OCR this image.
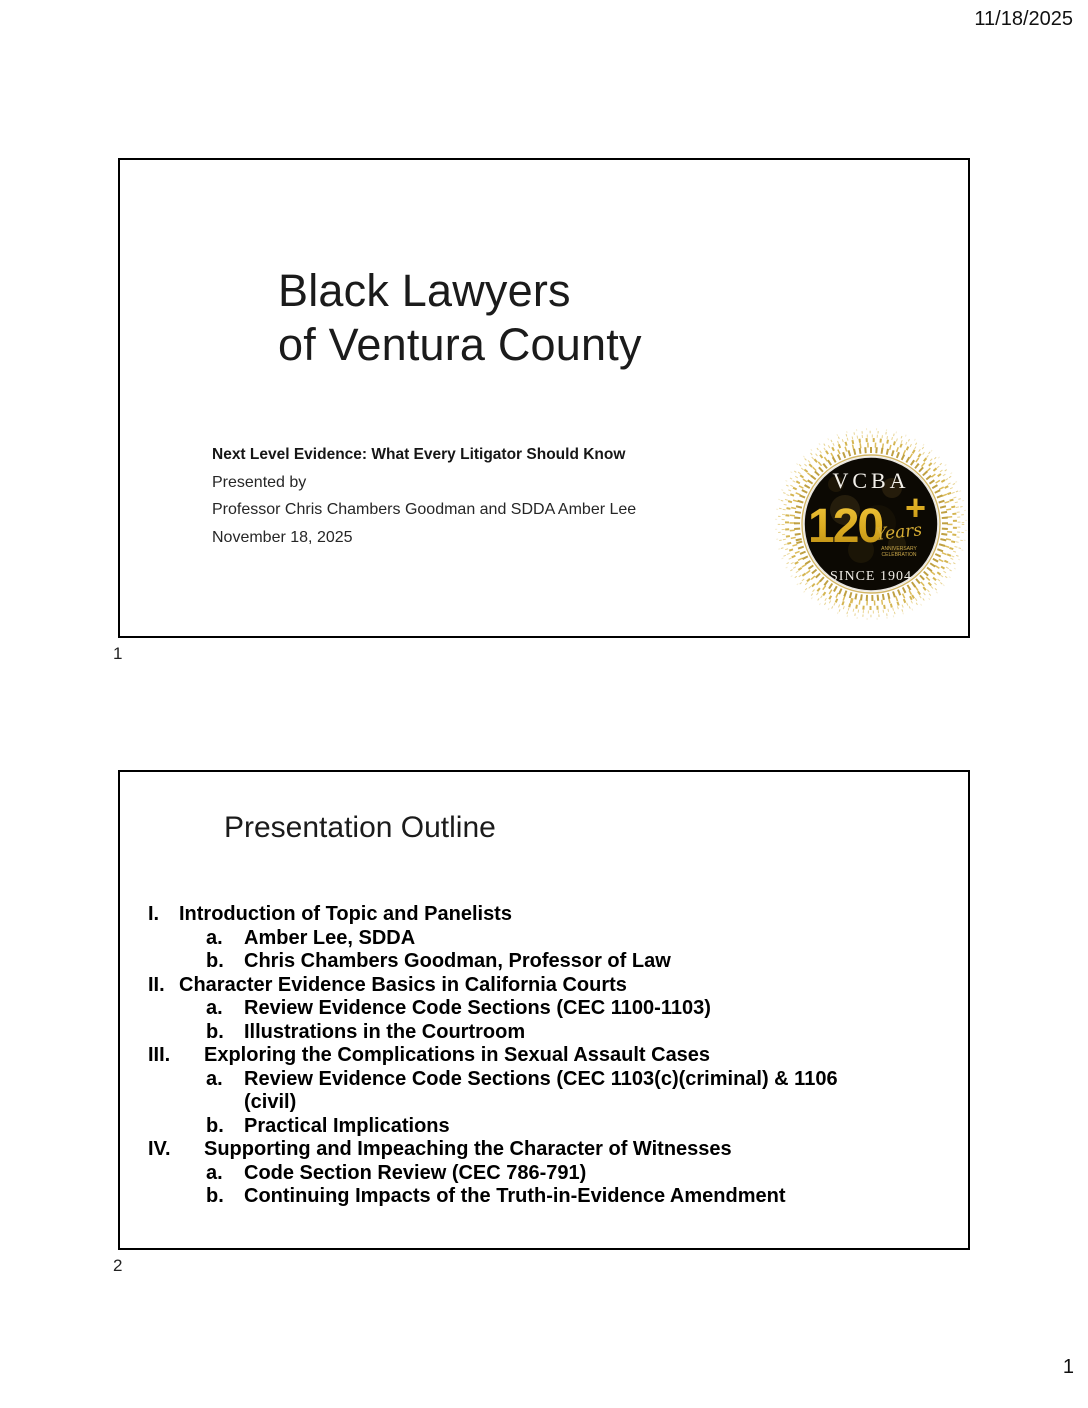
11/18/2025
Black Lawyers
of Ventura County
Next Level Evidence: What Every Litigator Should Know
Presented by
Professor Chris Chambers Goodman and SDDA Amber Lee
November 18, 2025
VCBA
120 +
Years
ANNIVERSARY
CELEBRATION
SINCE 1904
1
Presentation Outline
I. Introduction of Topic and Panelists
a.	Amber Lee, SDDA
b.	Chris Chambers Goodman, Professor of Law
II. Character Evidence Basics in California Courts
a.	Review Evidence Code Sections (CEC 1100-1103)
b.	Illustrations in the Courtroom
III.	Exploring the Complications in Sexual Assault Cases
a.	Review Evidence Code Sections (CEC 1103(c)(criminal) & 1106
(civil)
b.	Practical Implications
IV.	Supporting and Impeaching the Character of Witnesses
a.	Code Section Review (CEC 786-791)
b.	Continuing Impacts of the Truth-in-Evidence Amendment
2
1
